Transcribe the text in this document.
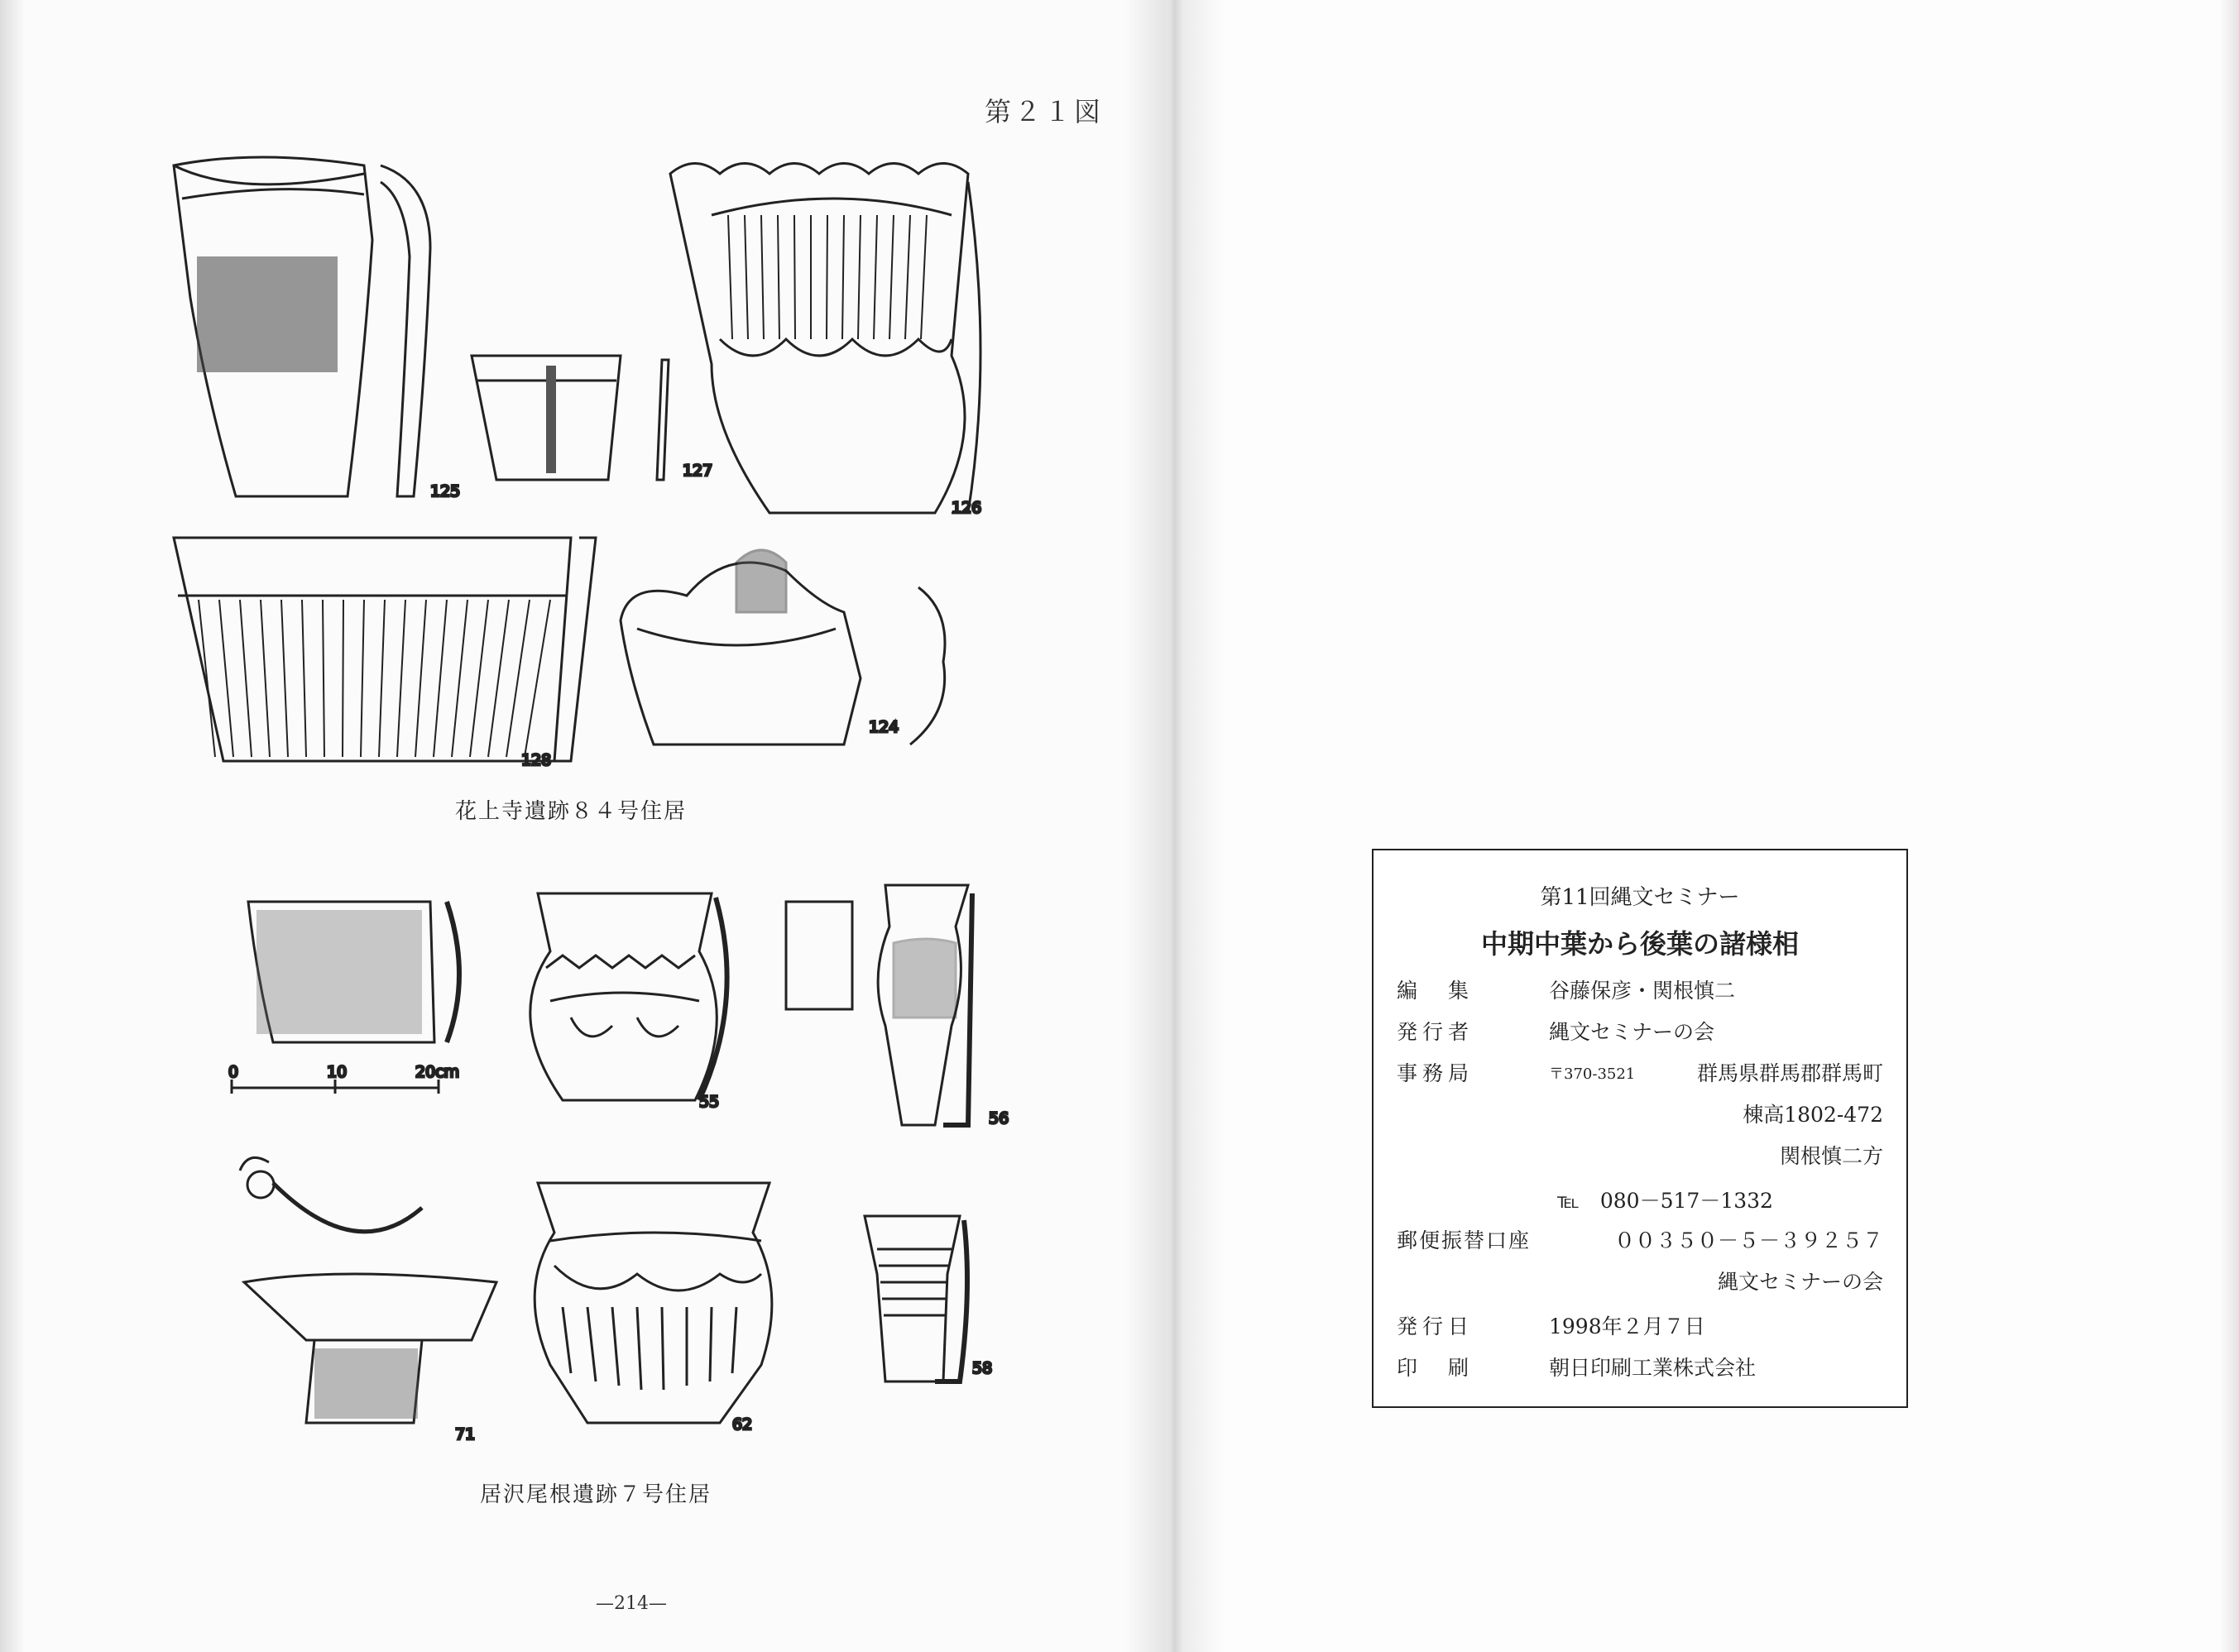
第２１図
125
127
126
128
124
花上寺遺跡８４号住居
0	10	20cm
55
56
71
62
58
居沢尾根遺跡７号住居
—214—
第11回縄文セミナー
中期中葉から後葉の諸様相
編　集	谷藤保彦・関根慎二
発行者	縄文セミナーの会
事務局	〒370-3521	群馬県群馬郡群馬町
棟高1802-472
関根慎二方
℡　080－517－1332
郵便振替口座	００３５０－５－３９２５７
縄文セミナーの会
発行日	1998年２月７日
印　刷	朝日印刷工業株式会社
